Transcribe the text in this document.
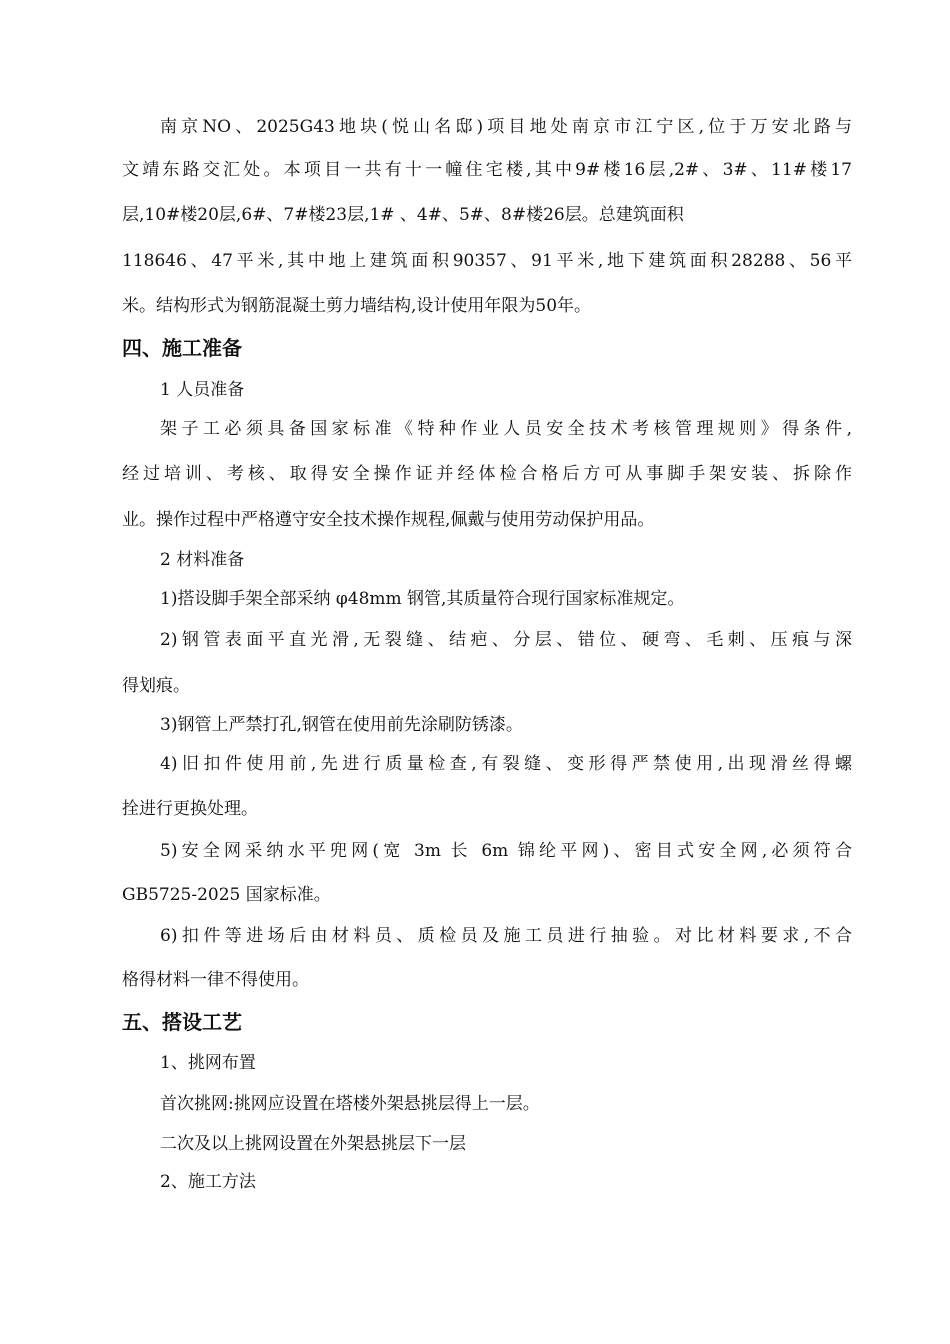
南京NO、2025G43地块(悦山名邸)项目地处南京市江宁区,位于万安北路与
文靖东路交汇处。本项目一共有十一幢住宅楼,其中9#楼16层,2#、3#、11#楼17
层,10#楼20层,6#、7#楼23层,1# 、4#、5#、8#楼26层。总建筑面积
118646、47平米,其中地上建筑面积90357、91平米,地下建筑面积28288、56平
米。结构形式为钢筋混凝土剪力墙结构,设计使用年限为50年。
四、施工准备
1 人员准备
架子工必须具备国家标准《特种作业人员安全技术考核管理规则》得条件,
经过培训、考核、取得安全操作证并经体检合格后方可从事脚手架安装、拆除作
业。操作过程中严格遵守安全技术操作规程,佩戴与使用劳动保护用品。
2 材料准备
1)搭设脚手架全部采纳 φ48mm 钢管,其质量符合现行国家标准规定。
2)钢管表面平直光滑,无裂缝、结疤、分层、错位、硬弯、毛刺、压痕与深
得划痕。
3)钢管上严禁打孔,钢管在使用前先涂刷防锈漆。
4)旧扣件使用前,先进行质量检查,有裂缝、变形得严禁使用,出现滑丝得螺
拴进行更换处理。
5)安全网采纳水平兜网(宽 3m 长 6m 锦纶平网)、密目式安全网,必须符合
GB5725-2025 国家标准。
6)扣件等进场后由材料员、质检员及施工员进行抽验。对比材料要求,不合
格得材料一律不得使用。
五、搭设工艺
1、挑网布置
首次挑网:挑网应设置在塔楼外架悬挑层得上一层。
二次及以上挑网设置在外架悬挑层下一层
2、施工方法
